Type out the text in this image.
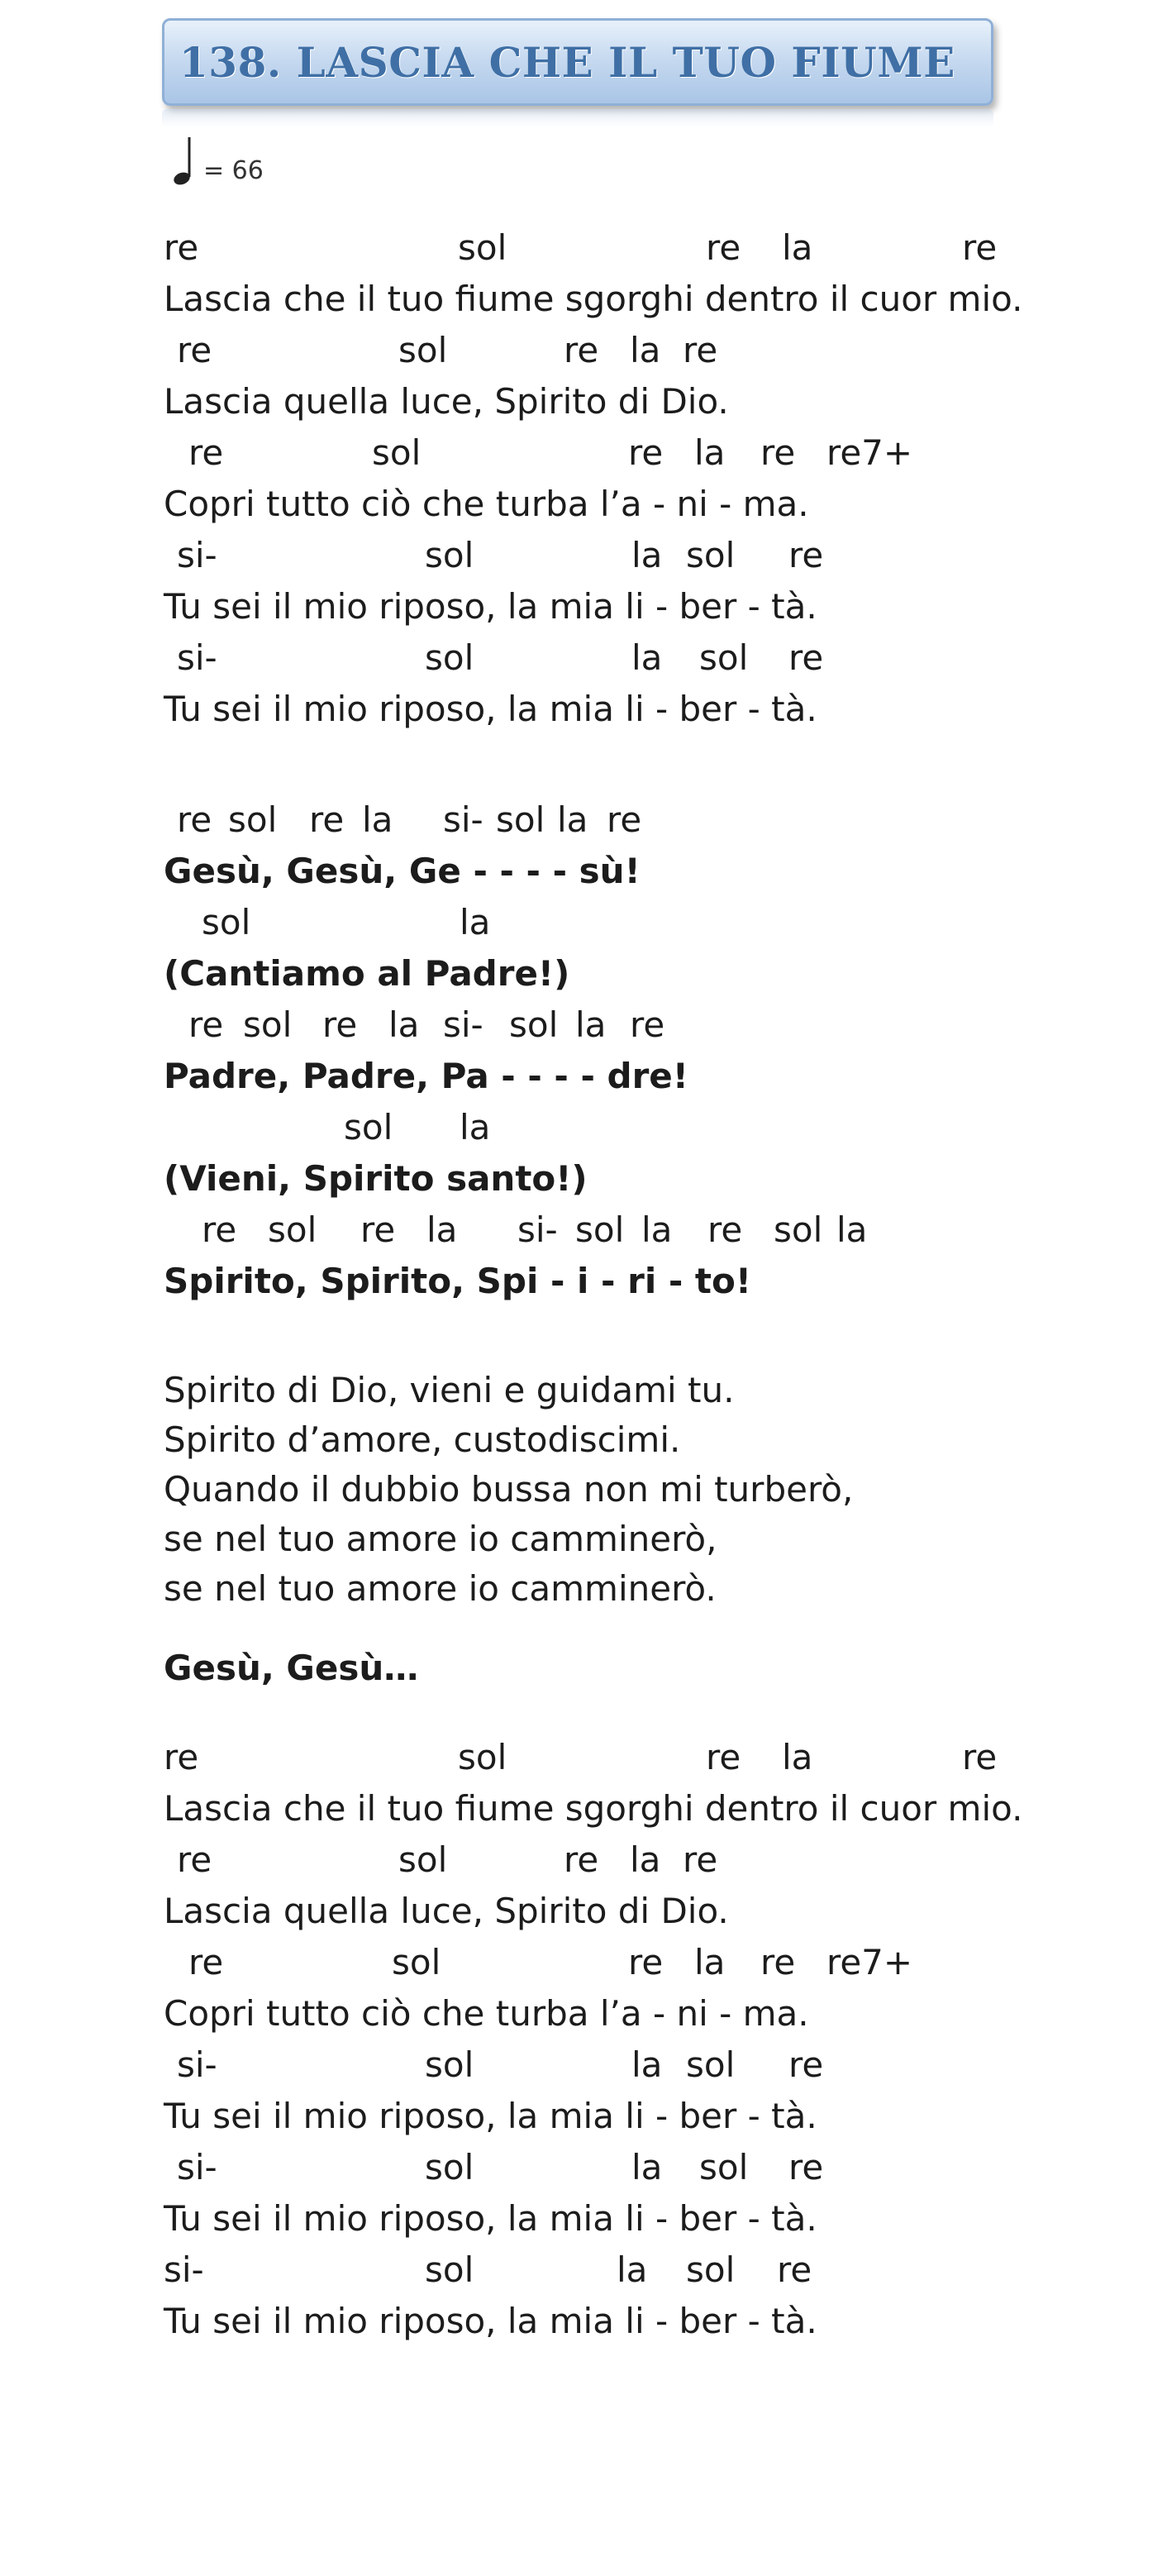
138. LASCIA CHE IL TUO FIUME
= 66
re	sol	re la	re
Lascia che il tuo fiume sgorghi dentro il cuor mio.
re	sol	re la re
Lascia quella luce, Spirito di Dio.
re	sol	re la re re7+
Copri tutto ciò che turba l’a - ni - ma.
si-	sol	la sol re
Tu sei il mio riposo, la mia li - ber - tà.
si-	sol	la sol re
Tu sei il mio riposo, la mia li - ber - tà.
re sol re la si- sol la re
Gesù, Gesù, Ge - - - - sù!
sol	la
(Cantiamo al Padre!)
re sol re la si- sol la re
Padre, Padre, Pa - - - - dre!
sol la
(Vieni, Spirito santo!)
re sol re la si- sol la re sol la
Spirito, Spirito, Spi - i - ri - to!
Spirito di Dio, vieni e guidami tu.
Spirito d’amore, custodiscimi.
Quando il dubbio bussa non mi turberò,
se nel tuo amore io camminerò,
se nel tuo amore io camminerò.
Gesù, Gesù…
re	sol	re la	re
Lascia che il tuo fiume sgorghi dentro il cuor mio.
re	sol	re la re
Lascia quella luce, Spirito di Dio.
re	sol	re la re re7+
Copri tutto ciò che turba l’a - ni - ma.
si-	sol	la sol re
Tu sei il mio riposo, la mia li - ber - tà.
si-	sol	la sol re
Tu sei il mio riposo, la mia li - ber - tà.
si-	sol	la sol re
Tu sei il mio riposo, la mia li - ber - tà.
